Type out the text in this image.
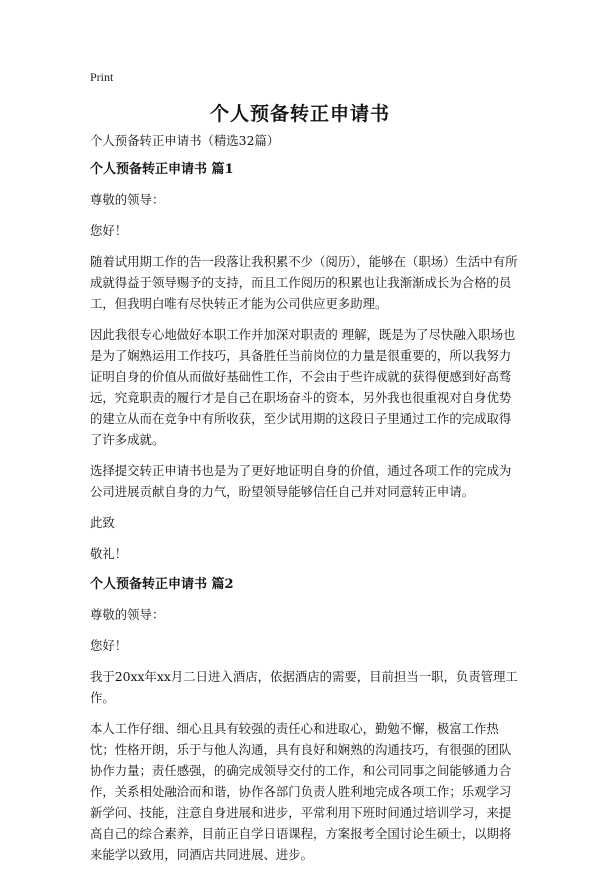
Print
个人预备转正申请书

个人预备转正申请书（精选32篇）

个人预备转正申请书 篇1

尊敬的领导：

您好！

随着试用期工作的告一段落让我积累不少（阅历），能够在（职场）生活中有所成就得益于领导赐予的支持，而且工作阅历的积累也让我渐渐成长为合格的员工，但我明白唯有尽快转正才能为公司供应更多助理。

因此我很专心地做好本职工作并加深对职责的 理解，既是为了尽快融入职场也是为了娴熟运用工作技巧，具备胜任当前岗位的力量是很重要的，所以我努力证明自身的价值从而做好基础性工作，不会由于些许成就的获得便感到好高骛远，究竟职责的履行才是自己在职场奋斗的资本，另外我也很重视对自身优势的建立从而在竞争中有所收获，至少试用期的这段日子里通过工作的完成取得了许多成就。

选择提交转正申请书也是为了更好地证明自身的价值，通过各项工作的完成为公司进展贡献自身的力气，盼望领导能够信任自己并对同意转正申请。

此致

敬礼！

个人预备转正申请书 篇2

尊敬的领导：

您好！

我于20xx年xx月二日进入酒店，依据酒店的需要，目前担当一职，负责管理工作。

本人工作仔细、细心且具有较强的责任心和进取心，勤勉不懈，极富工作热忱；性格开朗，乐于与他人沟通，具有良好和娴熟的沟通技巧，有很强的团队协作力量；责任感强，的确完成领导交付的工作，和公司同事之间能够通力合作，关系相处融洽而和谐，协作各部门负责人胜利地完成各项工作；乐观学习新学问、技能，注意自身进展和进步，平常利用下班时间通过培训学习，来提高自己的综合素养，目前正自学日语课程，方案报考全国讨论生硕士，以期将来能学以致用，同酒店共同进展、进步。
